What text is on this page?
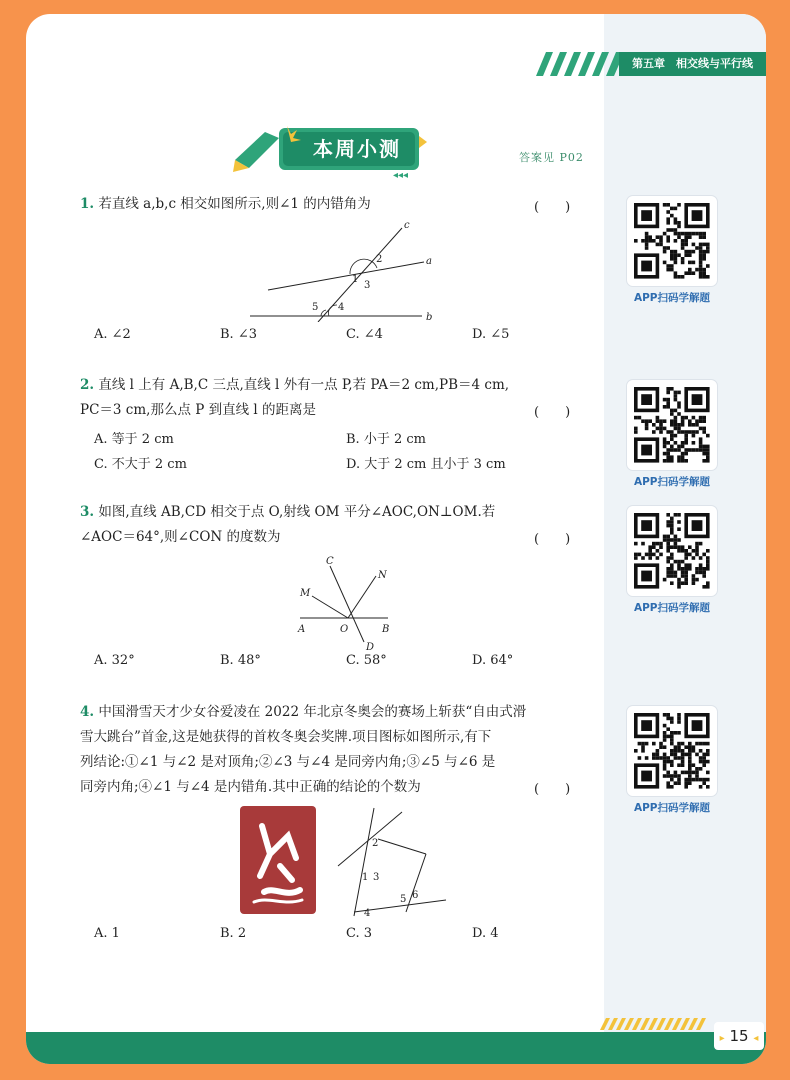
第五章　相交线与平行线
◂◂◂
本周小测	答案见 P02
1. 若直线 a,b,c 相交如图所示,则∠1 的内错角为	(　　)
a
b
c
1
2
3
4
5
A. ∠2	B. ∠3	C. ∠4	D. ∠5
2. 直线 l 上有 A,B,C 三点,直线 l 外有一点 P,若 PA＝2 cm,PB＝4 cm,
PC＝3 cm,那么点 P 到直线 l 的距离是	(　　)
A. 等于 2 cm	B. 小于 2 cm
C. 不大于 2 cm	D. 大于 2 cm 且小于 3 cm
3. 如图,直线 AB,CD 相交于点 O,射线 OM 平分∠AOC,ON⊥OM.若
∠AOC＝64°,则∠CON 的度数为	(　　)
C
N
M
A	O	B
D
A. 32°	B. 48°	C. 58°	D. 64°
4. 中国滑雪天才少女谷爱凌在 2022 年北京冬奥会的赛场上斩获“自由式滑
雪大跳台”首金,这是她获得的首枚冬奥会奖牌.项目图标如图所示,有下
列结论:①∠1 与∠2 是对顶角;②∠3 与∠4 是同旁内角;③∠5 与∠6 是
同旁内角;④∠1 与∠4 是内错角.其中正确的结论的个数为	(　　)
2
1 3
5 6
4
A. 1	B. 2	C. 3	D. 4
APP扫码学解题
APP扫码学解题
APP扫码学解题
APP扫码学解题
▸ 15 ◂
